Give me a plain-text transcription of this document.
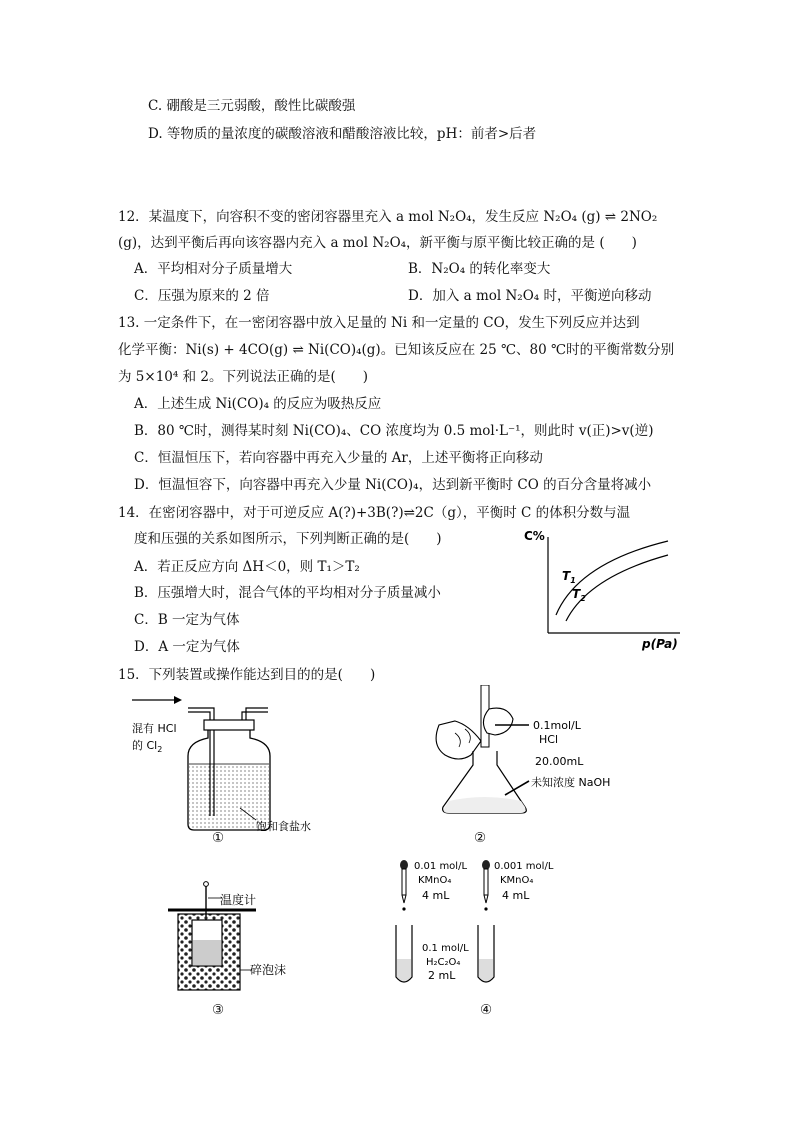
C. 硼酸是三元弱酸，酸性比碳酸强
D. 等物质的量浓度的碳酸溶液和醋酸溶液比较，pH：前者>后者
12．某温度下，向容积不变的密闭容器里充入 a mol N₂O₄，发生反应 N₂O₄ (g) ⇌ 2NO₂
(g)，达到平衡后再向该容器内充入 a mol N₂O₄，新平衡与原平衡比较正确的是 (　　)
A．平均相对分子质量增大	B．N₂O₄ 的转化率变大
C．压强为原来的 2 倍	D．加入 a mol N₂O₄ 时，平衡逆向移动
13. 一定条件下，在一密闭容器中放入足量的 Ni 和一定量的 CO，发生下列反应并达到
化学平衡：Ni(s) + 4CO(g) ⇌ Ni(CO)₄(g)。已知该反应在 25 ℃、80 ℃时的平衡常数分别
为 5×10⁴ 和 2。下列说法正确的是(　　)
A．上述生成 Ni(CO)₄ 的反应为吸热反应
B．80 ℃时，测得某时刻 Ni(CO)₄、CO 浓度均为 0.5 mol·L⁻¹，则此时 v(正)>v(逆)
C．恒温恒压下，若向容器中再充入少量的 Ar，上述平衡将正向移动
D．恒温恒容下，向容器中再充入少量 Ni(CO)₄，达到新平衡时 CO 的百分含量将减小
14．在密闭容器中，对于可逆反应 A(?)+3B(?)⇌2C（g），平衡时 C 的体积分数与温
度和压强的关系如图所示，下列判断正确的是(　　)
A．若正反应方向 ΔH＜0，则 T₁＞T₂
B．压强增大时，混合气体的平均相对分子质量减小
C．B 一定为气体
D．A 一定为气体
C%
p(Pa)
$T_1$
$T_2$
15．下列装置或操作能达到目的的是(　　)
混有 HCl
的 $Cl_2$
饱和食盐水
①
0.1mol/L
HCl
20.00mL
未知浓度 NaOH
②
温度计
碎泡沫
③
0.01 mol/L
KMnO₄
4 mL
0.001 mol/L
KMnO₄
4 mL
0.1 mol/L
H₂C₂O₄
2 mL
④
